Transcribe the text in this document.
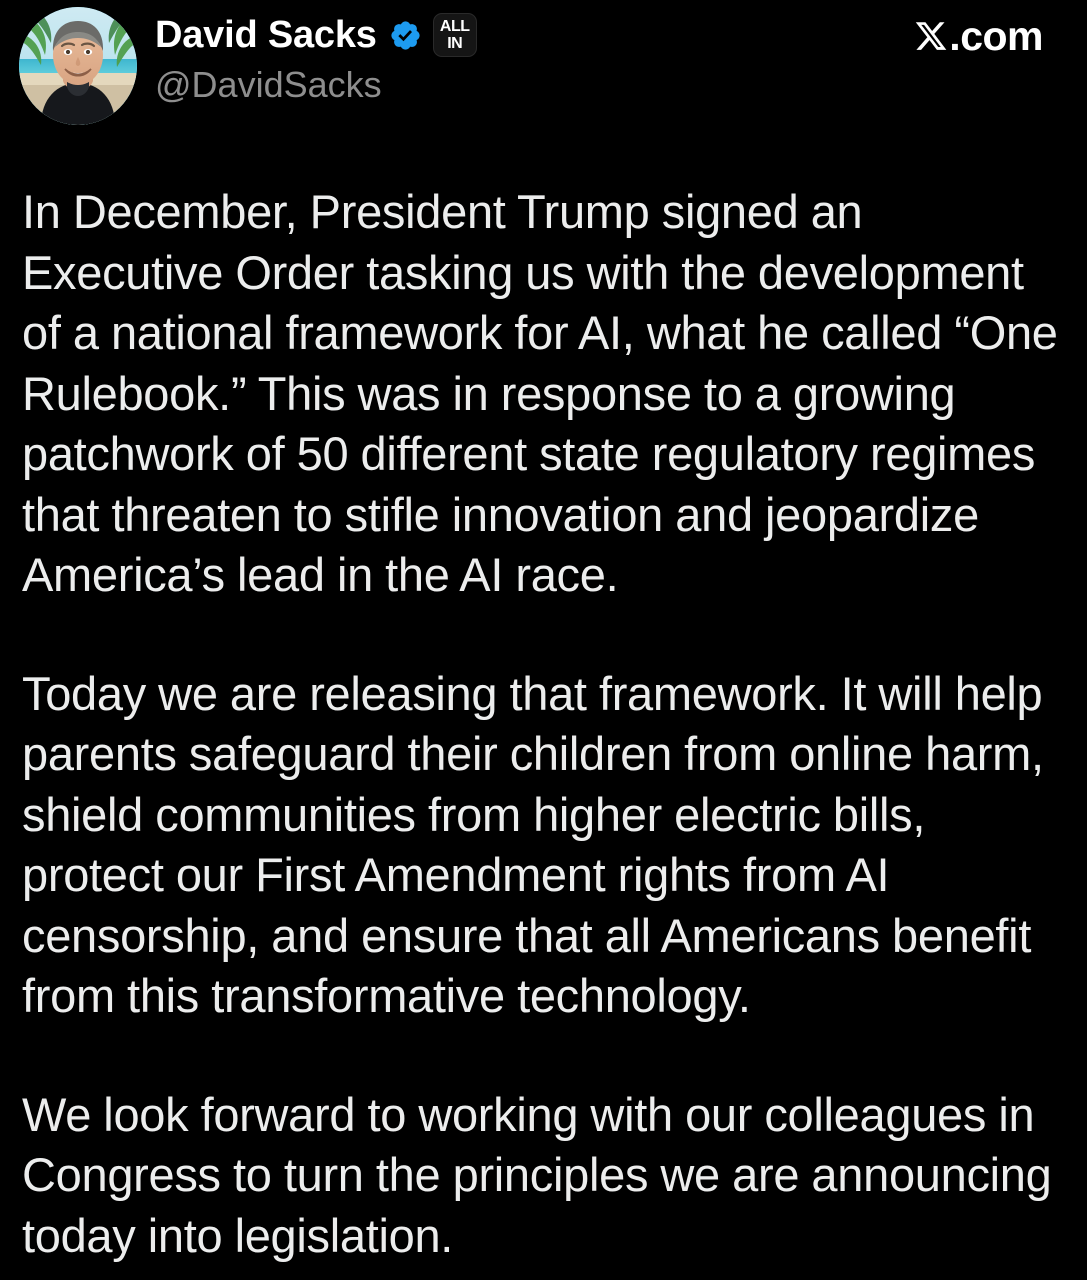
David Sacks	ALL
IN
@DavidSacks
.com

In December, President Trump signed an Executive Order tasking us with the development of a national framework for AI, what he called “One Rulebook.” This was in response to a growing patchwork of 50 different state regulatory regimes that threaten to stifle innovation and jeopardize America’s lead in the AI race.

Today we are releasing that framework. It will help parents safeguard their children from online harm, shield communities from higher electric bills, protect our First Amendment rights from AI censorship, and ensure that all Americans benefit from this transformative technology.

We look forward to working with our colleagues in Congress to turn the principles we are announcing today into legislation.
